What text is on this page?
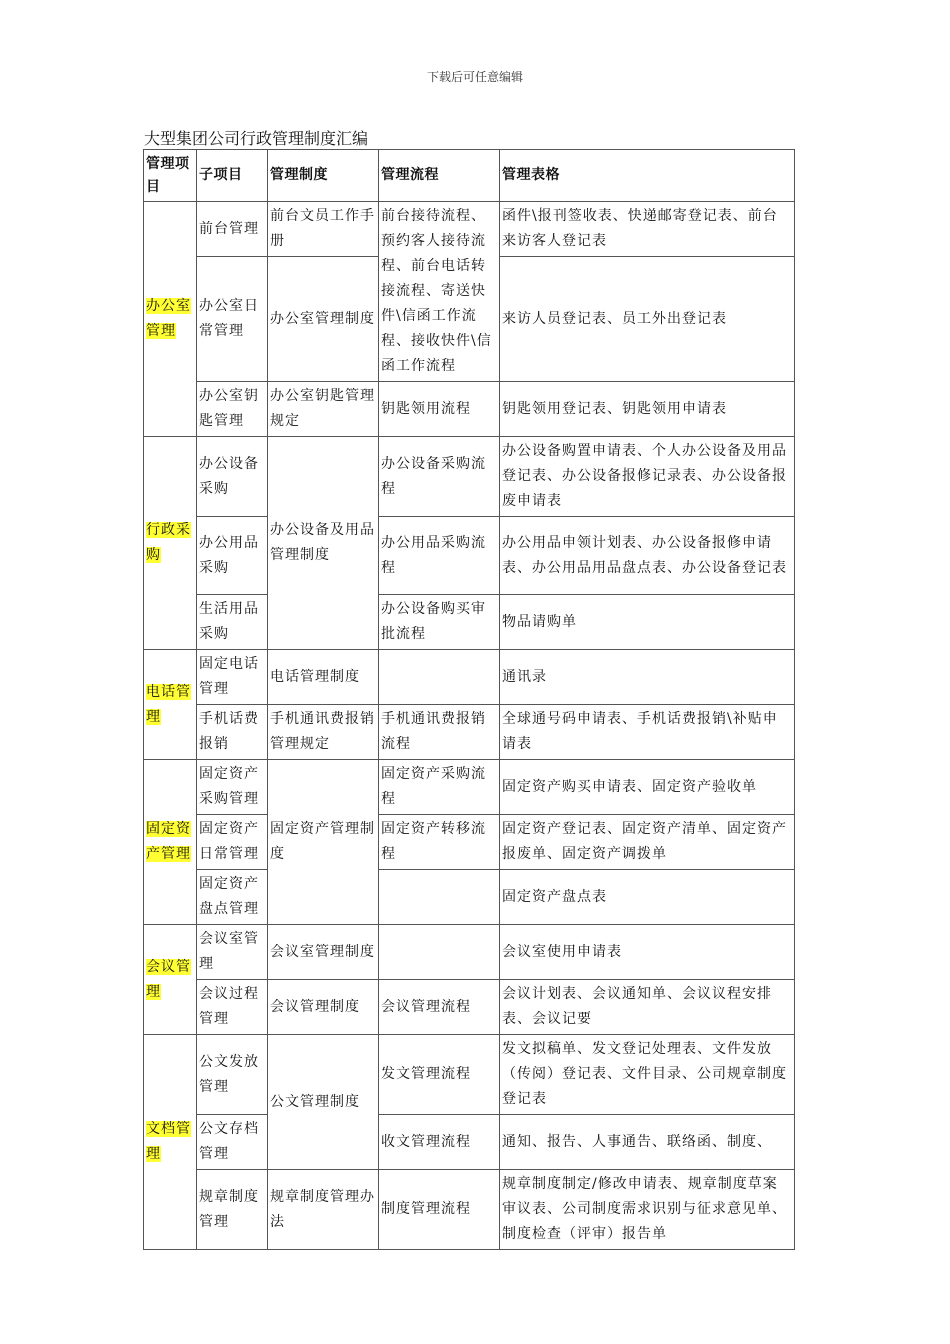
下载后可任意编辑
大型集团公司行政管理制度汇编
管理项目	子项目	管理制度	管理流程	管理表格
办公室管理	前台管理	前台文员工作手册	前台接待流程、预约客人接待流程、前台电话转接流程、寄送快件\信函工作流程、接收快件\信函工作流程	函件\报刊签收表、快递邮寄登记表、前台来访客人登记表
	办公室日常管理	办公室管理制度		来访人员登记表、员工外出登记表
	办公室钥匙管理	办公室钥匙管理规定	钥匙领用流程	钥匙领用登记表、钥匙领用申请表
行政采购	办公设备采购	办公设备及用品管理制度	办公设备采购流程	办公设备购置申请表、个人办公设备及用品登记表、办公设备报修记录表、办公设备报废申请表
	办公用品采购		办公用品采购流程	办公用品申领计划表、办公设备报修申请表、办公用品用品盘点表、办公设备登记表
	生活用品采购		办公设备购买审批流程	物品请购单
电话管理	固定电话管理	电话管理制度		通讯录
	手机话费报销	手机通讯费报销管理规定	手机通讯费报销流程	全球通号码申请表、手机话费报销\补贴申请表
固定资产管理	固定资产采购管理	固定资产管理制度	固定资产采购流程	固定资产购买申请表、固定资产验收单
	固定资产日常管理		固定资产转移流程	固定资产登记表、固定资产清单、固定资产报废单、固定资产调拨单
	固定资产盘点管理			固定资产盘点表
会议管理	会议室管理	会议室管理制度		会议室使用申请表
	会议过程管理	会议管理制度	会议管理流程	会议计划表、会议通知单、会议议程安排表、会议记要
文档管理	公文发放管理	公文管理制度	发文管理流程	发文拟稿单、发文登记处理表、文件发放（传阅）登记表、文件目录、公司规章制度登记表
	公文存档管理		收文管理流程	通知、报告、人事通告、联络函、制度、
	规章制度管理	规章制度管理办法	制度管理流程	规章制度制定/修改申请表、规章制度草案审议表、公司制度需求识别与征求意见单、制度检查（评审）报告单
